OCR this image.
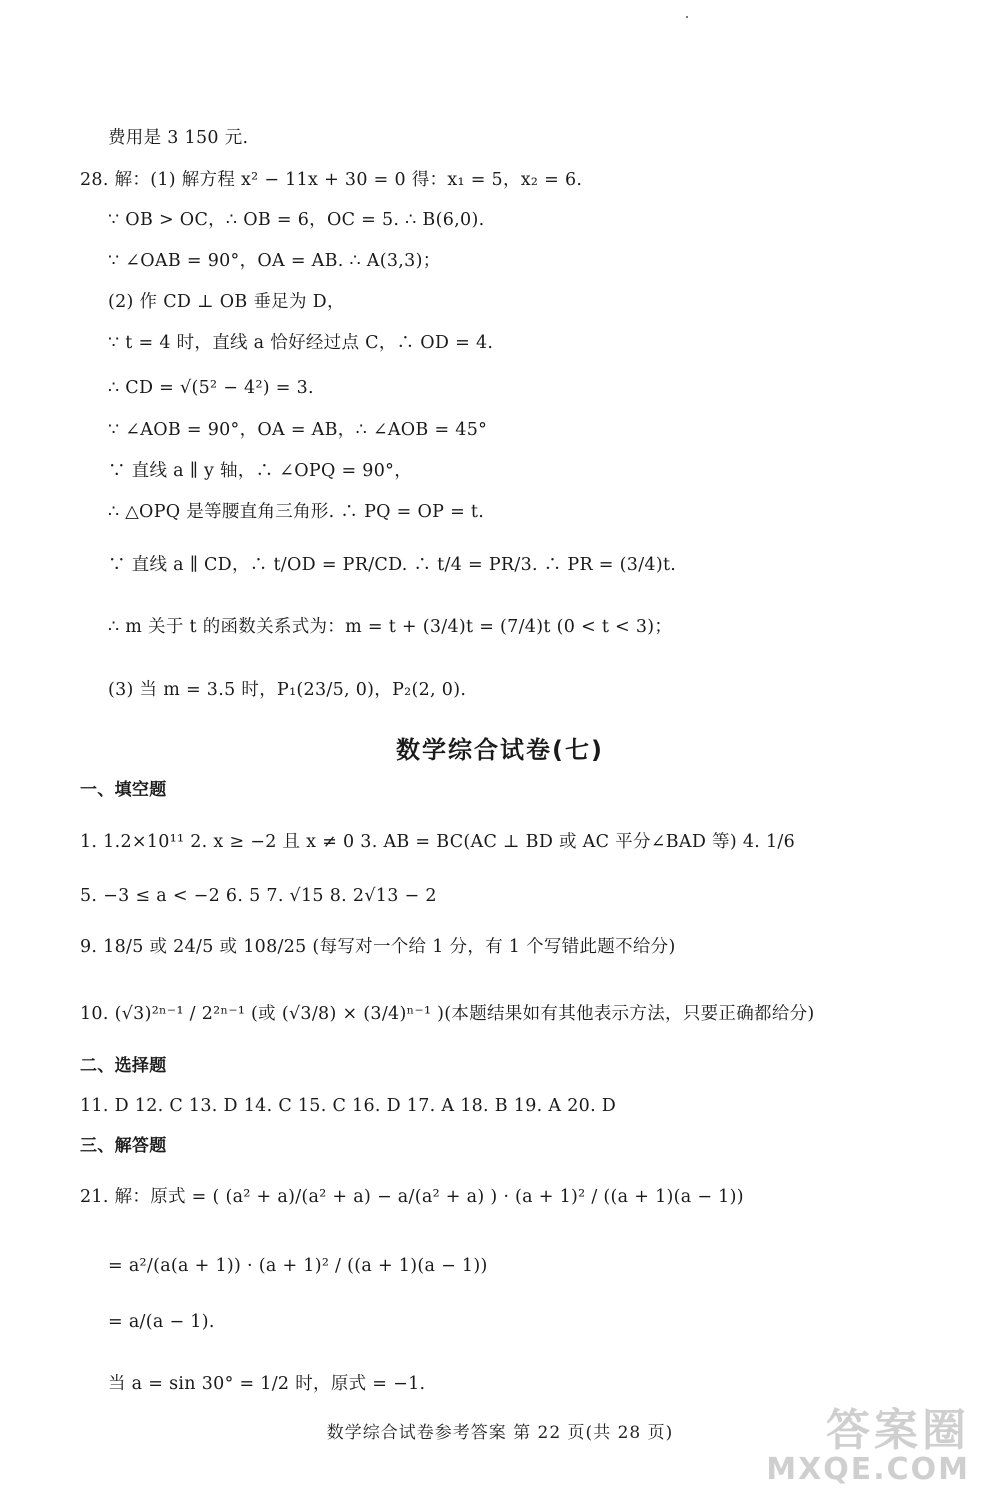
费用是 3 150 元.
28. 解：(1) 解方程 x² − 11x + 30 = 0 得：x₁ = 5，x₂ = 6.
∵ OB > OC，∴ OB = 6，OC = 5. ∴ B(6,0).
∵ ∠OAB = 90°，OA = AB. ∴ A(3,3)；
(2) 作 CD ⊥ OB 垂足为 D，
∵ t = 4 时，直线 a 恰好经过点 C，∴ OD = 4.
∴ CD = √(5² − 4²) = 3.
∵ ∠AOB = 90°，OA = AB，∴ ∠AOB = 45°
∵ 直线 a ∥ y 轴，∴ ∠OPQ = 90°，
∴ △OPQ 是等腰直角三角形. ∴ PQ = OP = t.
∵ 直线 a ∥ CD，∴ t/OD = PR/CD. ∴ t/4 = PR/3. ∴ PR = (3/4)t.
∴ m 关于 t 的函数关系式为：m = t + (3/4)t = (7/4)t (0 < t < 3)；
(3) 当 m = 3.5 时，P₁(23/5, 0)，P₂(2, 0).
数学综合试卷(七)
一、填空题
1. 1.2×10¹¹ 2. x ≥ −2 且 x ≠ 0 3. AB = BC(AC ⊥ BD 或 AC 平分∠BAD 等) 4. 1/6
5. −3 ≤ a < −2 6. 5 7. √15 8. 2√13 − 2
9. 18/5 或 24/5 或 108/25 (每写对一个给 1 分，有 1 个写错此题不给分)
10. (√3)²ⁿ⁻¹ / 2²ⁿ⁻¹ (或 (√3/8) × (3/4)ⁿ⁻¹ )(本题结果如有其他表示方法，只要正确都给分)
二、选择题
11. D 12. C 13. D 14. C 15. C 16. D 17. A 18. B 19. A 20. D
三、解答题
21. 解：原式 = ( (a² + a)/(a² + a) − a/(a² + a) ) · (a + 1)² / ((a + 1)(a − 1))
= a²/(a(a + 1)) · (a + 1)² / ((a + 1)(a − 1))
= a/(a − 1).
当 a = sin 30° = 1/2 时，原式 = −1.
数学综合试卷参考答案 第 22 页(共 28 页)	答案圈
MXQE.COM
